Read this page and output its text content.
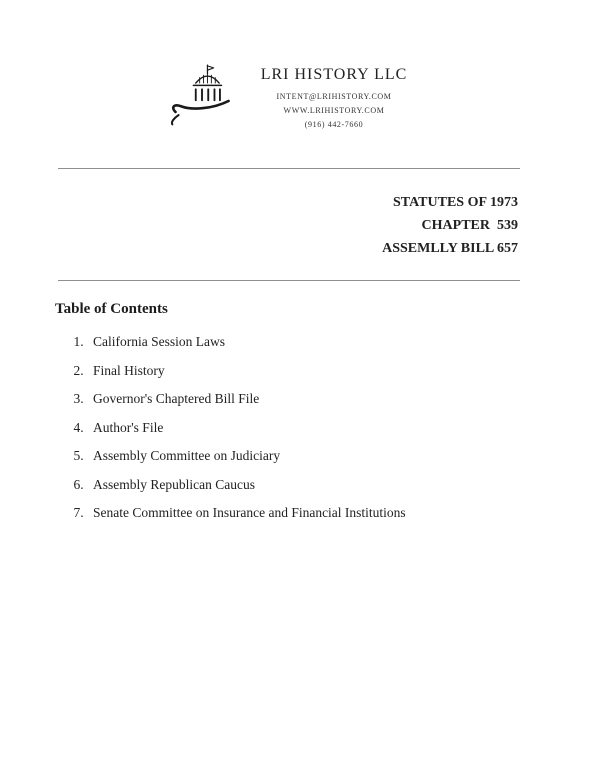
LRI HISTORY LLC
INTENT@LRIHISTORY.COM
WWW.LRIHISTORY.COM
(916) 442-7660
STATUTES OF 1973
CHAPTER  539
ASSEMLLY BILL 657
Table of Contents
1. California Session Laws
2. Final History
3. Governor's Chaptered Bill File
4. Author's File
5. Assembly Committee on Judiciary
6. Assembly Republican Caucus
7. Senate Committee on Insurance and Financial Institutions
